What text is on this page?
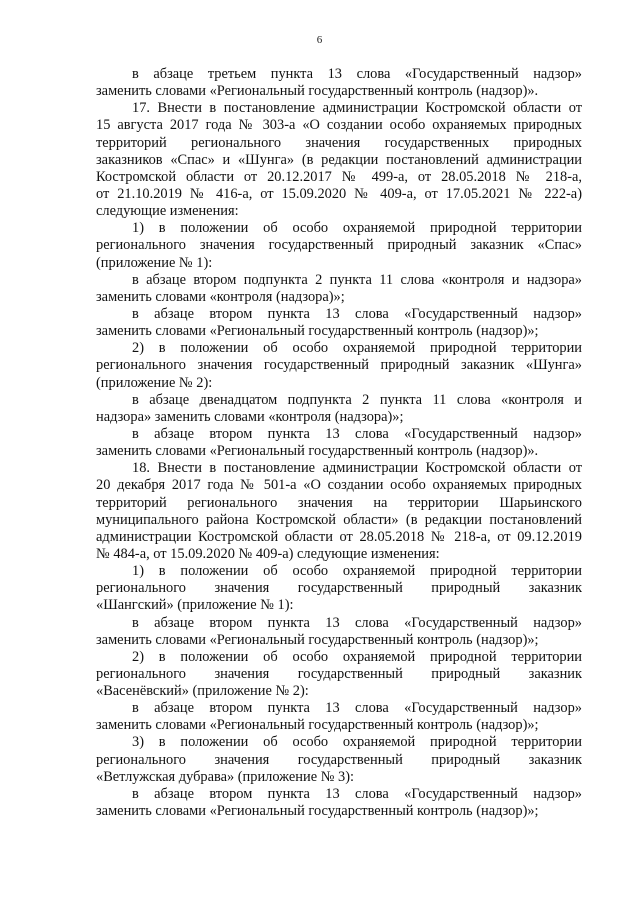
6
в абзаце третьем пункта 13 слова «Государственный надзор»
заменить словами «Региональный государственный контроль (надзор)».
17. Внести в постановление администрации Костромской области от
15 августа 2017 года № 303-а «О создании особо охраняемых природных
территорий регионального значения государственных природных
заказников «Спас» и «Шунга» (в редакции постановлений администрации
Костромской области от 20.12.2017 № 499-а, от 28.05.2018 № 218-а,
от 21.10.2019 № 416-а, от 15.09.2020 № 409-а, от 17.05.2021 № 222-а)
следующие изменения:
1) в положении об особо охраняемой природной территории
регионального значения государственный природный заказник «Спас»
(приложение № 1):
в абзаце втором подпункта 2 пункта 11 слова «контроля и надзора»
заменить словами «контроля (надзора)»;
в абзаце втором пункта 13 слова «Государственный надзор»
заменить словами «Региональный государственный контроль (надзор)»;
2) в положении об особо охраняемой природной территории
регионального значения государственный природный заказник «Шунга»
(приложение № 2):
в абзаце двенадцатом подпункта 2 пункта 11 слова «контроля и
надзора» заменить словами «контроля (надзора)»;
в абзаце втором пункта 13 слова «Государственный надзор»
заменить словами «Региональный государственный контроль (надзор)».
18. Внести в постановление администрации Костромской области от
20 декабря 2017 года № 501-а «О создании особо охраняемых природных
территорий регионального значения на территории Шарьинского
муниципального района Костромской области» (в редакции постановлений
администрации Костромской области от 28.05.2018 № 218-а, от 09.12.2019
№ 484-а, от 15.09.2020 № 409-а) следующие изменения:
1) в положении об особо охраняемой природной территории
регионального значения государственный природный заказник
«Шангский» (приложение № 1):
в абзаце втором пункта 13 слова «Государственный надзор»
заменить словами «Региональный государственный контроль (надзор)»;
2) в положении об особо охраняемой природной территории
регионального значения государственный природный заказник
«Васенёвский» (приложение № 2):
в абзаце втором пункта 13 слова «Государственный надзор»
заменить словами «Региональный государственный контроль (надзор)»;
3) в положении об особо охраняемой природной территории
регионального значения государственный природный заказник
«Ветлужская дубрава» (приложение № 3):
в абзаце втором пункта 13 слова «Государственный надзор»
заменить словами «Региональный государственный контроль (надзор)»;
